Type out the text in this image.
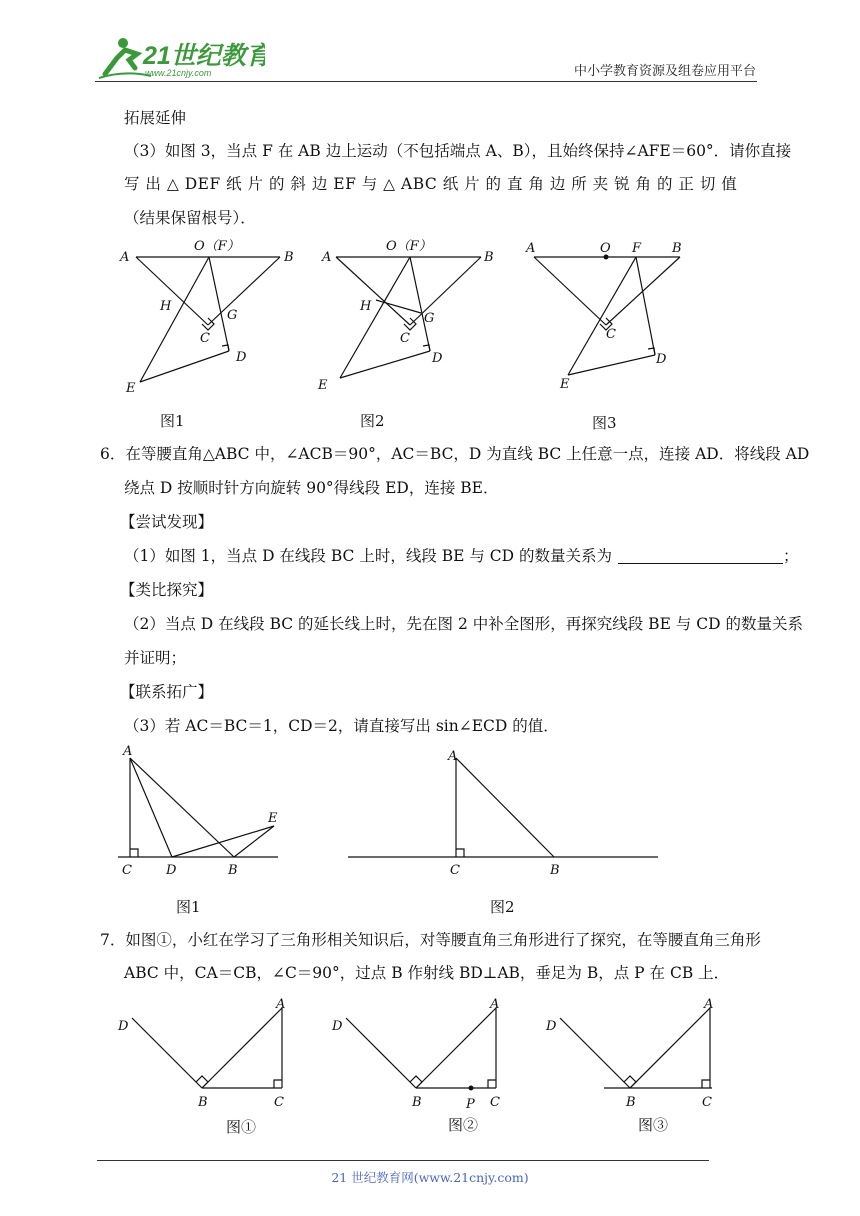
21世纪教育
www.21cnjy.com	中小学教育资源及组卷应用平台
拓展延伸
（3）如图 3，当点 F 在 AB 边上运动（不包括端点 A、B），且始终保持∠AFE＝60°．请你直接
写 出 △ DEF 纸 片 的 斜 边 EF 与 △ ABC 纸 片 的 直 角 边 所 夹 锐 角 的 正 切 值
（结果保留根号）．
A	B
O（F）
H
G
C
D
E
图1
A	B
O（F）
H
G
C
D
E
图2
A	B
O F
C
D
E
图3
6．在等腰直角△ABC 中，∠ACB＝90°，AC＝BC，D 为直线 BC 上任意一点，连接 AD．将线段 AD
绕点 D 按顺时针方向旋转 90°得线段 ED，连接 BE．
【尝试发现】
（1）如图 1，当点 D 在线段 BC 上时，线段 BE 与 CD 的数量关系为	；
【类比探究】
（2）当点 D 在线段 BC 的延长线上时，先在图 2 中补全图形，再探究线段 BE 与 CD 的数量关系
并证明；
【联系拓广】
（3）若 AC＝BC＝1，CD＝2，请直接写出 sin∠ECD 的值．
A
C	D	B
E
图1
A
C	B
图2
7．如图①，小红在学习了三角形相关知识后，对等腰直角三角形进行了探究，在等腰直角三角形
ABC 中，CA＝CB，∠C＝90°，过点 B 作射线 BD⊥AB，垂足为 B，点 P 在 CB 上．
D
A
B	C
图①
D
A
B	P C
图②
D
A
B	C
图③
21 世纪教育网(www.21cnjy.com)
